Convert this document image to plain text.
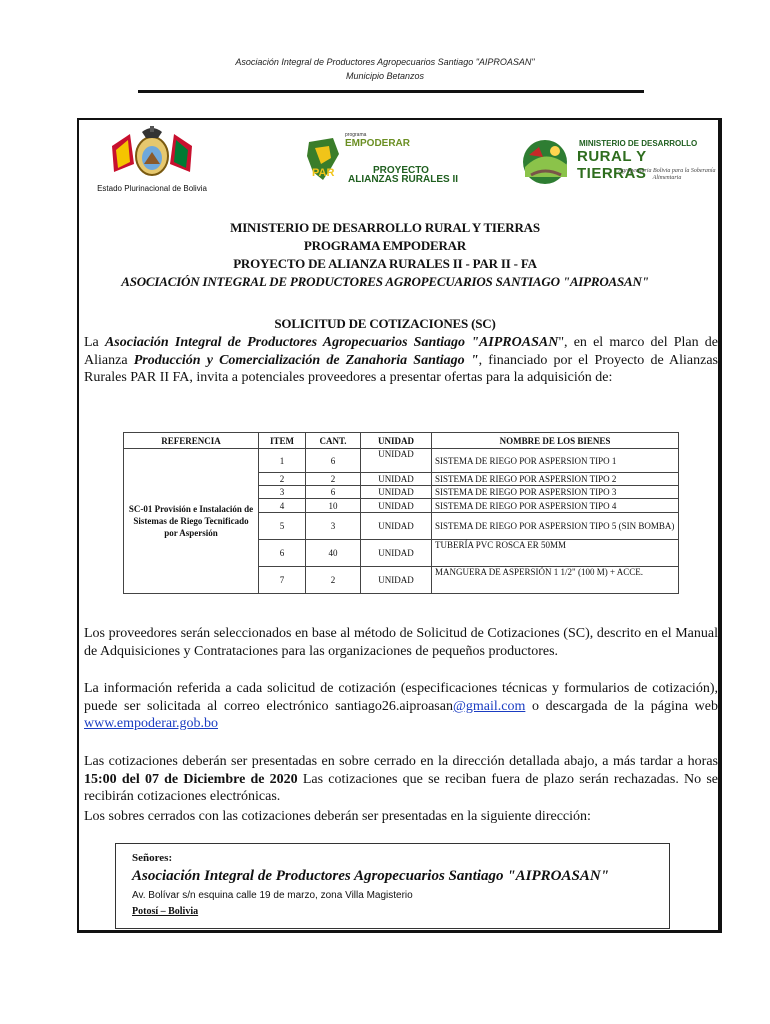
Asociación Integral de Productores Agropecuarios Santiago "AIPROASAN"
Municipio Betanzos
Estado Plurinacional de Bolivia
PAR
programa
EMPODERAR
PROYECTO
ALIANZAS RURALES II
MINISTERIO DE DESARROLLO
RURAL Y TIERRAS
Agropecuaria Bolivia para la Soberanía Alimentaria
MINISTERIO DE DESARROLLO RURAL Y TIERRAS
PROGRAMA EMPODERAR
PROYECTO DE ALIANZA RURALES II - PAR II - FA
ASOCIACIÓN INTEGRAL DE PRODUCTORES AGROPECUARIOS SANTIAGO "AIPROASAN"
SOLICITUD DE COTIZACIONES (SC)
La Asociación Integral de Productores Agropecuarios Santiago "AIPROASAN", en el marco del Plan de Alianza Producción y Comercialización de Zanahoria Santiago ", financiado por el Proyecto de Alianzas Rurales PAR II FA, invita a potenciales proveedores a presentar ofertas para la adquisición de:
REFERENCIA	ITEM	CANT.	UNIDAD	NOMBRE DE LOS BIENES
SC-01 Provisión e Instalación de Sistemas de Riego Tecnificado por Aspersión	1	6	UNIDAD	SISTEMA DE RIEGO POR ASPERSION TIPO 1
	2	2	UNIDAD	SISTEMA DE RIEGO POR ASPERSION TIPO 2
	3	6	UNIDAD	SISTEMA DE RIEGO POR ASPERSION TIPO 3
	4	10	UNIDAD	SISTEMA DE RIEGO POR ASPERSION TIPO 4
	5	3	UNIDAD	SISTEMA DE RIEGO POR ASPERSION TIPO 5 (SIN BOMBA)
	6	40	UNIDAD	TUBERÍA PVC ROSCA ER 50MM
	7	2	UNIDAD	MANGUERA DE ASPERSIÓN 1 1/2" (100 M) + ACCE.
Los proveedores serán seleccionados en base al método de Solicitud de Cotizaciones (SC), descrito en el Manual de Adquisiciones y Contrataciones para las organizaciones de pequeños productores.
La información referida a cada solicitud de cotización (especificaciones técnicas y formularios de cotización), puede ser solicitada al correo electrónico santiago26.aiproasan@gmail.com o descargada de la página web www.empoderar.gob.bo
Las cotizaciones deberán ser presentadas en sobre cerrado en la dirección detallada abajo, a más tardar a horas 15:00 del 07 de Diciembre de 2020 Las cotizaciones que se reciban fuera de plazo serán rechazadas. No se recibirán cotizaciones electrónicas.
Los sobres cerrados con las cotizaciones deberán ser presentadas en la siguiente dirección:
Señores:
Asociación Integral de Productores Agropecuarios Santiago "AIPROASAN"
Av. Bolívar s/n esquina calle 19 de marzo, zona Villa Magisterio
Potosí – Bolivia
